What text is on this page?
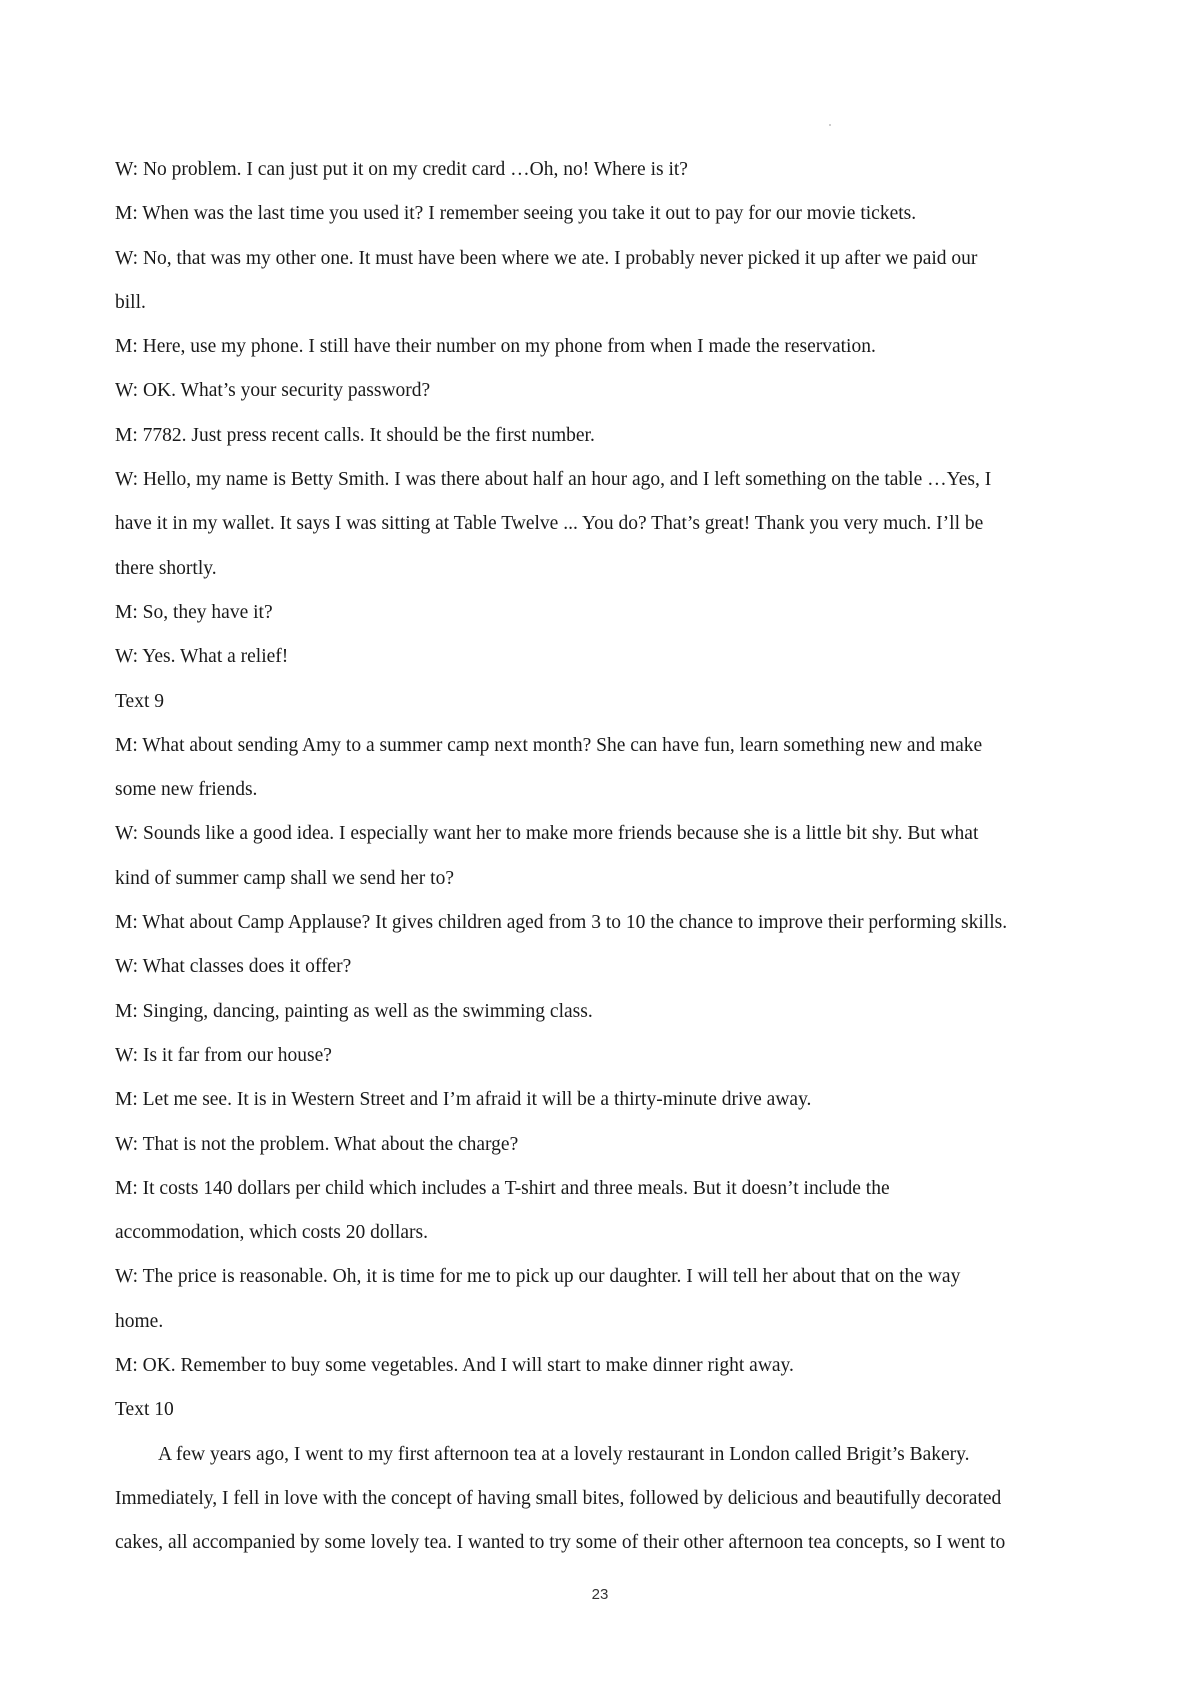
W: No problem. I can just put it on my credit card …Oh, no! Where is it?
M: When was the last time you used it? I remember seeing you take it out to pay for our movie tickets.
W: No, that was my other one. It must have been where we ate. I probably never picked it up after we paid our
bill.
M: Here, use my phone. I still have their number on my phone from when I made the reservation.
W: OK. What’s your security password?
M: 7782. Just press recent calls. It should be the first number.
W: Hello, my name is Betty Smith. I was there about half an hour ago, and I left something on the table …Yes, I
have it in my wallet. It says I was sitting at Table Twelve ... You do? That’s great! Thank you very much. I’ll be
there shortly.
M: So, they have it?
W: Yes. What a relief!
Text 9
M: What about sending Amy to a summer camp next month? She can have fun, learn something new and make
some new friends.
W: Sounds like a good idea. I especially want her to make more friends because she is a little bit shy. But what
kind of summer camp shall we send her to?
M: What about Camp Applause? It gives children aged from 3 to 10 the chance to improve their performing skills.
W: What classes does it offer?
M: Singing, dancing, painting as well as the swimming class.
W: Is it far from our house?
M: Let me see. It is in Western Street and I’m afraid it will be a thirty-minute drive away.
W: That is not the problem. What about the charge?
M: It costs 140 dollars per child which includes a T-shirt and three meals. But it doesn’t include the
accommodation, which costs 20 dollars.
W: The price is reasonable. Oh, it is time for me to pick up our daughter. I will tell her about that on the way
home.
M: OK. Remember to buy some vegetables. And I will start to make dinner right away.
Text 10
A few years ago, I went to my first afternoon tea at a lovely restaurant in London called Brigit’s Bakery.
Immediately, I fell in love with the concept of having small bites, followed by delicious and beautifully decorated
cakes, all accompanied by some lovely tea. I wanted to try some of their other afternoon tea concepts, so I went to
23
